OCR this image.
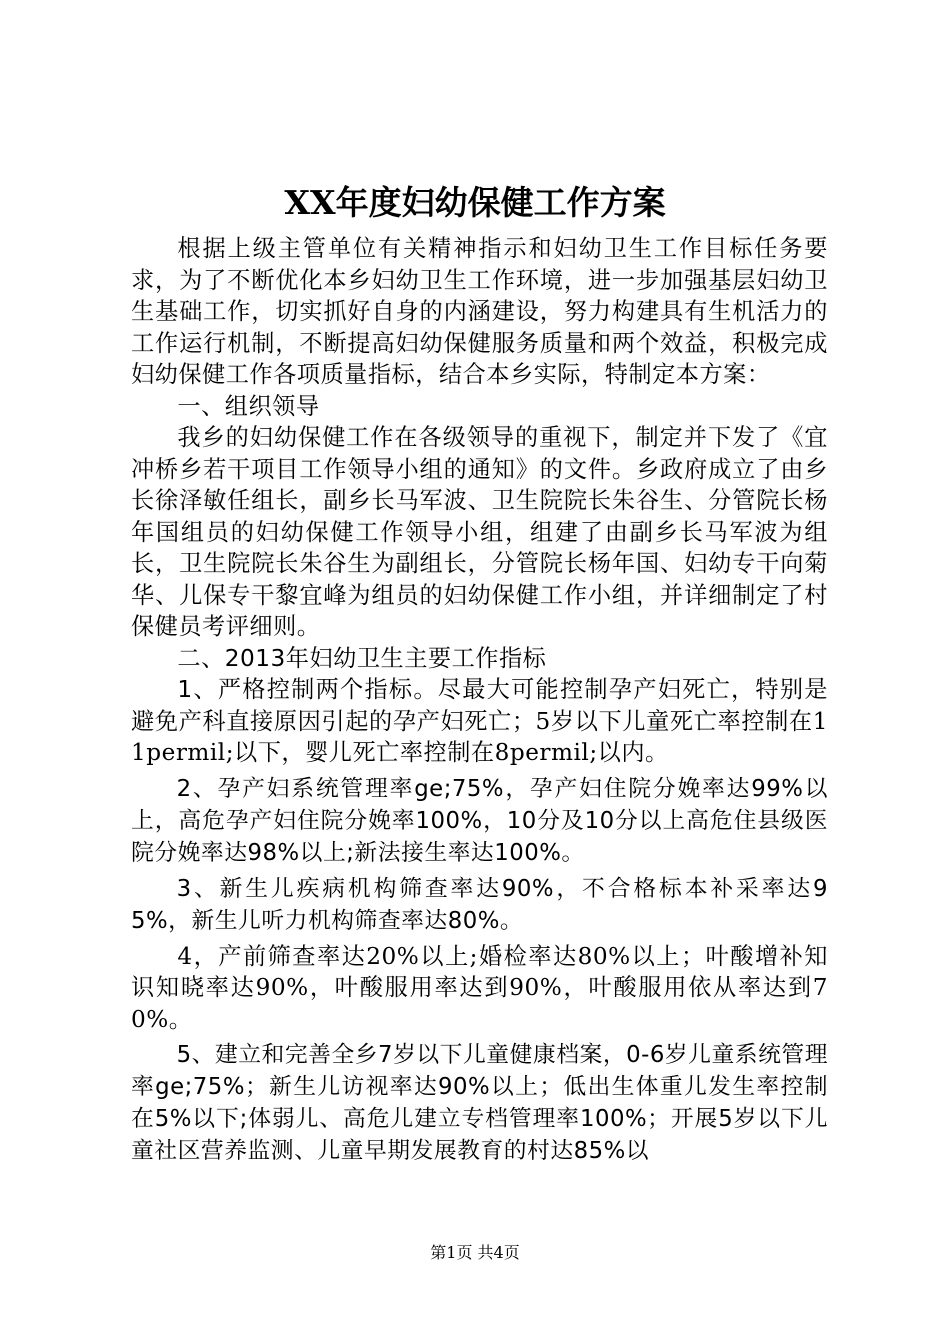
XX年度妇幼保健工作方案

根据上级主管单位有关精神指示和妇幼卫生工作目标任务要求，为了不断优化本乡妇幼卫生工作环境，进一步加强基层妇幼卫生基础工作，切实抓好自身的内涵建设，努力构建具有生机活力的工作运行机制，不断提高妇幼保健服务质量和两个效益，积极完成妇幼保健工作各项质量指标，结合本乡实际，特制定本方案：

一、组织领导

我乡的妇幼保健工作在各级领导的重视下，制定并下发了《宜冲桥乡若干项目工作领导小组的通知》的文件。乡政府成立了由乡长徐泽敏任组长，副乡长马军波、卫生院院长朱谷生、分管院长杨年国组员的妇幼保健工作领导小组，组建了由副乡长马军波为组长，卫生院院长朱谷生为副组长，分管院长杨年国、妇幼专干向菊华、儿保专干黎宜峰为组员的妇幼保健工作小组，并详细制定了村保健员考评细则。

二、2013年妇幼卫生主要工作指标

1、严格控制两个指标。尽最大可能控制孕产妇死亡，特别是避免产科直接原因引起的孕产妇死亡；5岁以下儿童死亡率控制在11permil;以下，婴儿死亡率控制在8permil;以内。

2、孕产妇系统管理率ge;75%，孕产妇住院分娩率达99%以上，高危孕产妇住院分娩率100%，10分及10分以上高危住县级医院分娩率达98%以上;新法接生率达100%。

3、新生儿疾病机构筛查率达90%，不合格标本补采率达95%，新生儿听力机构筛查率达80%。

4，产前筛查率达20%以上;婚检率达80%以上；叶酸增补知识知晓率达90%，叶酸服用率达到90%，叶酸服用依从率达到70%。

5、建立和完善全乡7岁以下儿童健康档案，0-6岁儿童系统管理率ge;75%；新生儿访视率达90%以上；低出生体重儿发生率控制在5%以下;体弱儿、高危儿建立专档管理率100%；开展5岁以下儿童社区营养监测、儿童早期发展教育的村达85%以

第1页 共4页
